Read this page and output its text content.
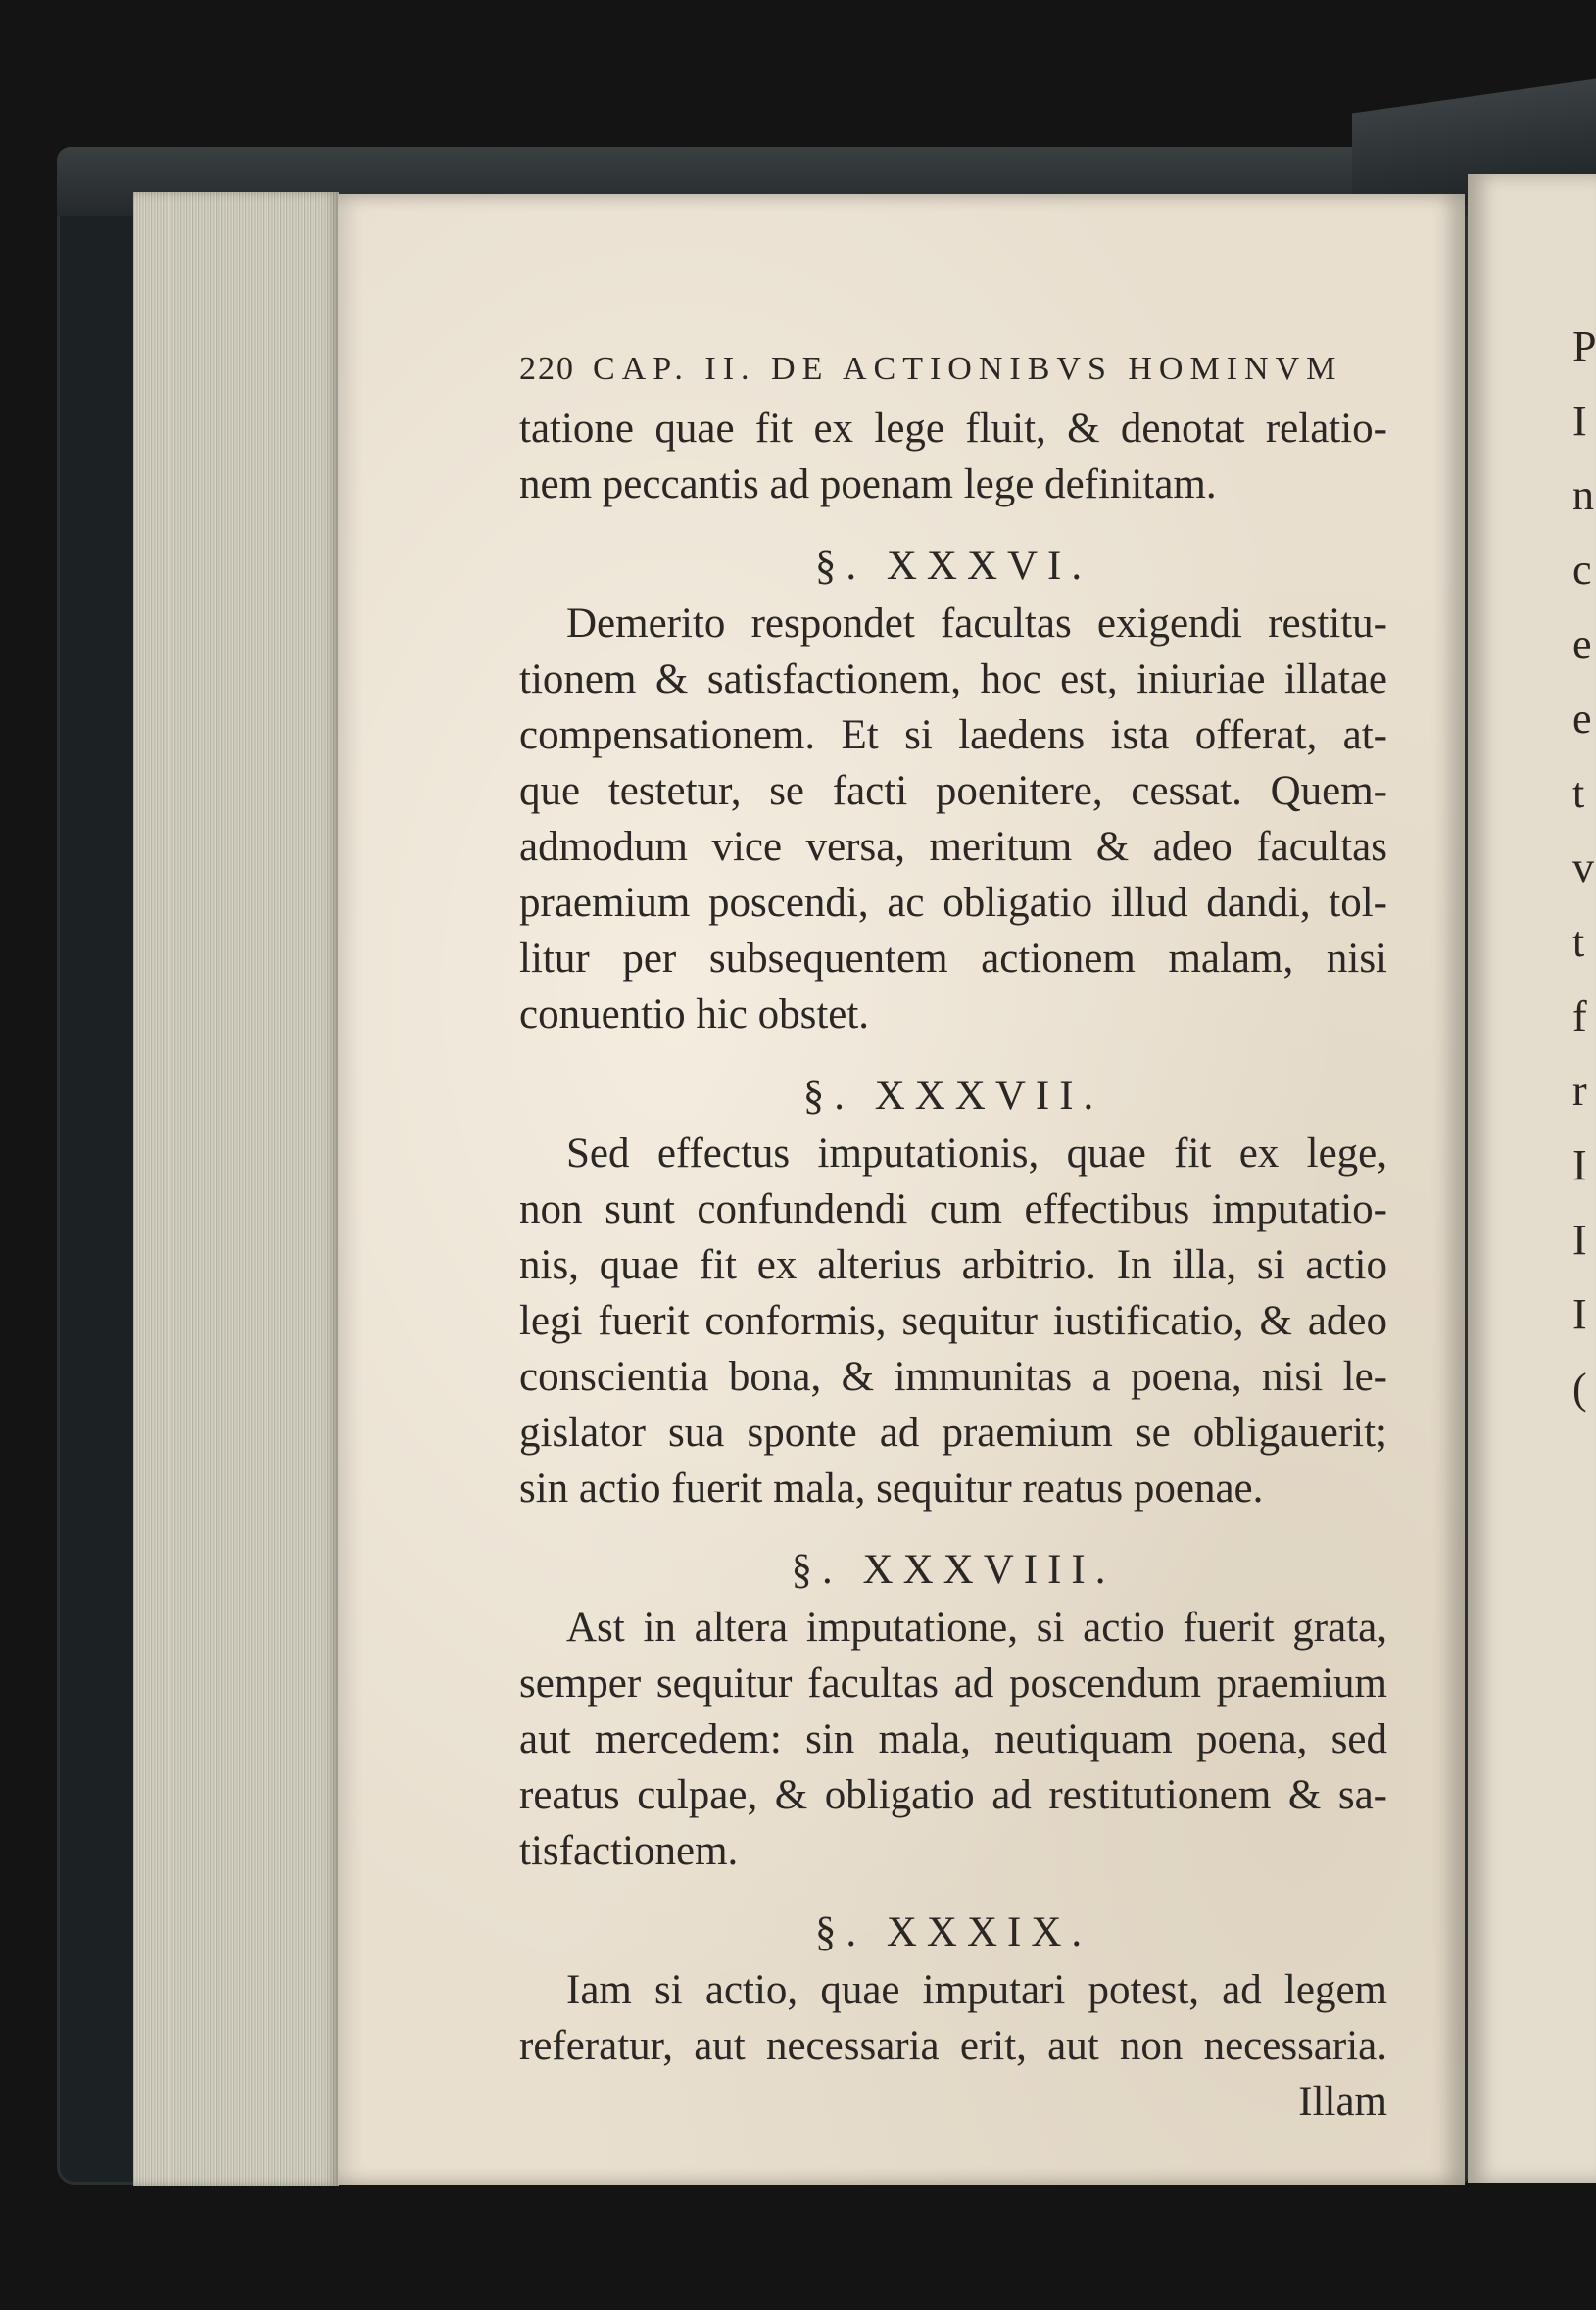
P
I
n
c
e
e
t
v
t
f
r
I
I
I
(
220 CAP. II. DE ACTIONIBVS HOMINVM
tatione quae fit ex lege fluit, & denotat relatio-
nem peccantis ad poenam lege definitam.
§. XXXVI.
Demerito respondet facultas exigendi restitu-
tionem & satisfactionem, hoc est, iniuriae illatae
compensationem. Et si laedens ista offerat, at-
que testetur, se facti poenitere, cessat. Quem-
admodum vice versa, meritum & adeo facultas
praemium poscendi, ac obligatio illud dandi, tol-
litur per subsequentem actionem malam, nisi
conuentio hic obstet.
§. XXXVII.
Sed effectus imputationis, quae fit ex lege,
non sunt confundendi cum effectibus imputatio-
nis, quae fit ex alterius arbitrio. In illa, si actio
legi fuerit conformis, sequitur iustificatio, & adeo
conscientia bona, & immunitas a poena, nisi le-
gislator sua sponte ad praemium se obligauerit;
sin actio fuerit mala, sequitur reatus poenae.
§. XXXVIII.
Ast in altera imputatione, si actio fuerit grata,
semper sequitur facultas ad poscendum praemium
aut mercedem: sin mala, neutiquam poena, sed
reatus culpae, & obligatio ad restitutionem & sa-
tisfactionem.
§. XXXIX.
Iam si actio, quae imputari potest, ad legem
referatur, aut necessaria erit, aut non necessaria.
Illam
